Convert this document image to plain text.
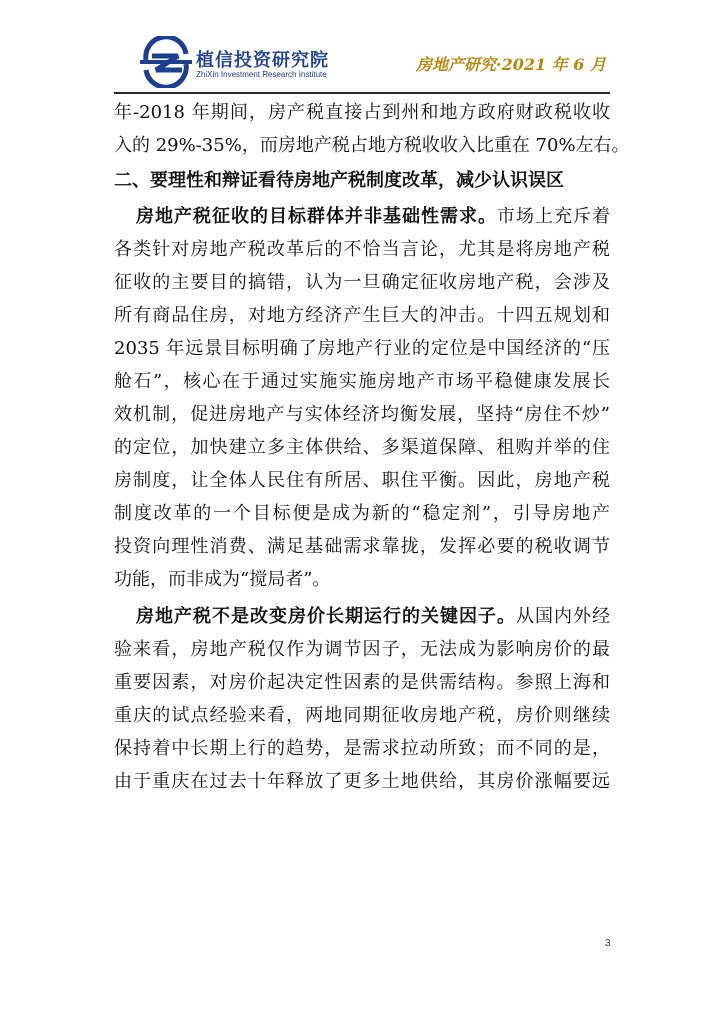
植信投资研究院
ZhiXin Investment Research Institute
房地产研究·2021 年 6 月
年-2018 年期间，房产税直接占到州和地方政府财政税收收
入的 29%-35%，而房地产税占地方税收收入比重在 70%左右。
二、要理性和辩证看待房地产税制度改革，减少认识误区
房地产税征收的目标群体并非基础性需求。市场上充斥着
各类针对房地产税改革后的不恰当言论，尤其是将房地产税
征收的主要目的搞错，认为一旦确定征收房地产税，会涉及
所有商品住房，对地方经济产生巨大的冲击。十四五规划和
2035 年远景目标明确了房地产行业的定位是中国经济的“压
舱石”，核心在于通过实施实施房地产市场平稳健康发展长
效机制，促进房地产与实体经济均衡发展，坚持“房住不炒”
的定位，加快建立多主体供给、多渠道保障、租购并举的住
房制度，让全体人民住有所居、职住平衡。因此，房地产税
制度改革的一个目标便是成为新的“稳定剂”，引导房地产
投资向理性消费、满足基础需求靠拢，发挥必要的税收调节
功能，而非成为“搅局者”。
房地产税不是改变房价长期运行的关键因子。从国内外经
验来看，房地产税仅作为调节因子，无法成为影响房价的最
重要因素，对房价起决定性因素的是供需结构。参照上海和
重庆的试点经验来看，两地同期征收房地产税，房价则继续
保持着中长期上行的趋势，是需求拉动所致；而不同的是，
由于重庆在过去十年释放了更多土地供给，其房价涨幅要远
3
